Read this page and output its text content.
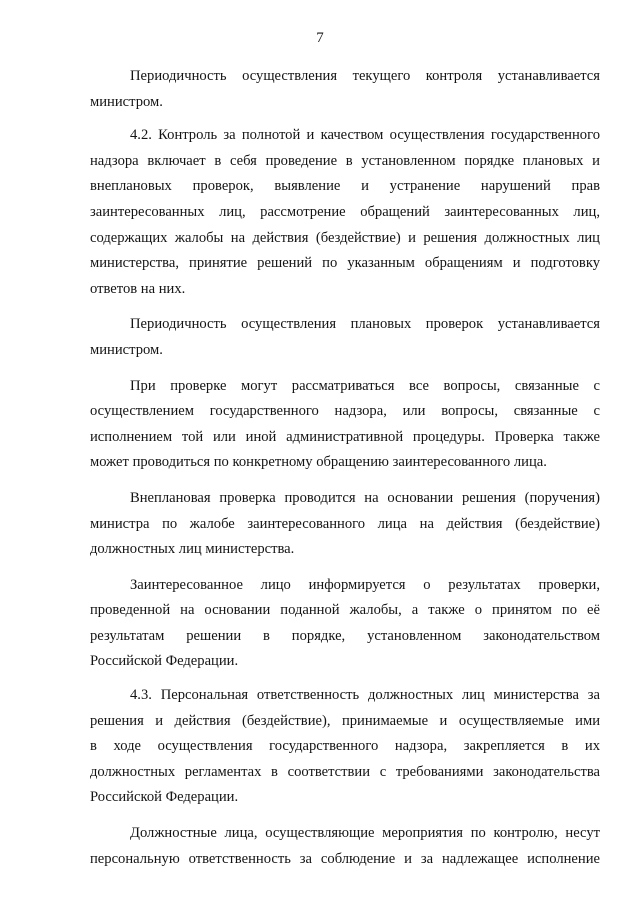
7

Периодичность осуществления текущего контроля устанавливается
министром.

4.2. Контроль за полнотой и качеством осуществления государственного
надзора включает в себя проведение в установленном порядке плановых и
внеплановых проверок, выявление и устранение нарушений прав
заинтересованных лиц, рассмотрение обращений заинтересованных лиц,
содержащих жалобы на действия (бездействие) и решения должностных лиц
министерства, принятие решений по указанным обращениям и подготовку
ответов на них.

Периодичность осуществления плановых проверок устанавливается
министром.

При проверке могут рассматриваться все вопросы, связанные с
осуществлением государственного надзора, или вопросы, связанные с
исполнением той или иной административной процедуры. Проверка также
может проводиться по конкретному обращению заинтересованного лица.

Внеплановая проверка проводится на основании решения (поручения)
министра по жалобе заинтересованного лица на действия (бездействие)
должностных лиц министерства.

Заинтересованное лицо информируется о результатах проверки,
проведенной на основании поданной жалобы, а также о принятом по её
результатам решении в порядке, установленном законодательством
Российской Федерации.

4.3. Персональная ответственность должностных лиц министерства за
решения и действия (бездействие), принимаемые и осуществляемые ими
в ходе осуществления государственного надзора, закрепляется в их
должностных регламентах в соответствии с требованиями законодательства
Российской Федерации.

Должностные лица, осуществляющие мероприятия по контролю, несут
персональную ответственность за соблюдение и за надлежащее исполнение
